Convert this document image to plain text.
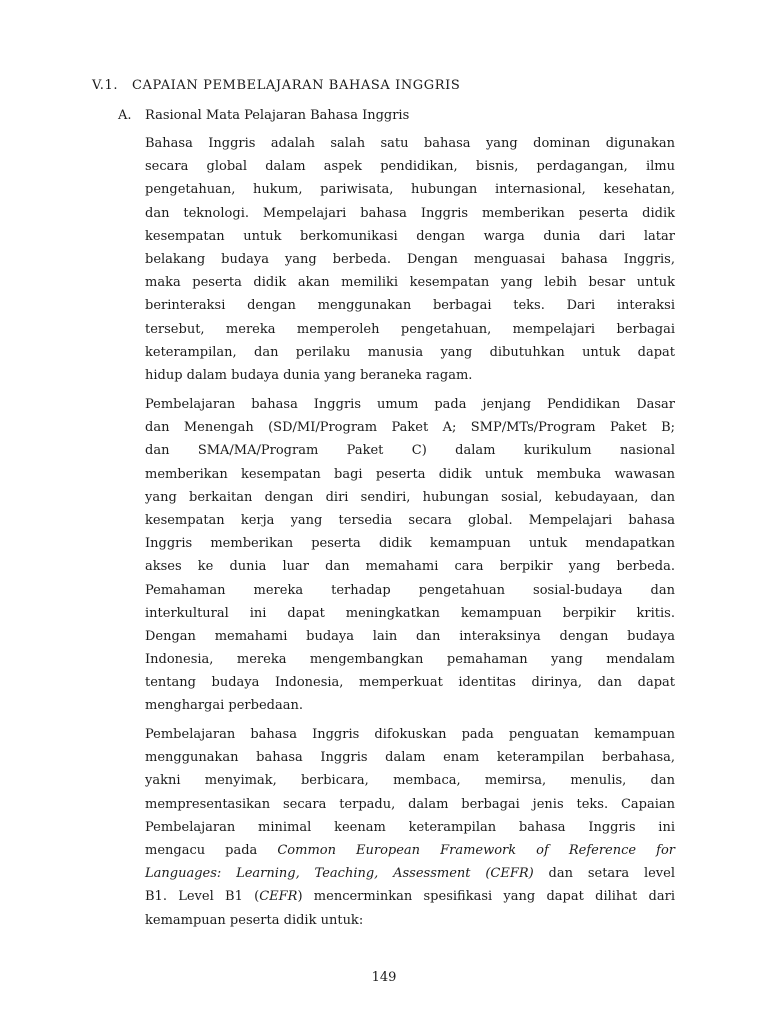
V.1. CAPAIAN PEMBELAJARAN BAHASA INGGRIS
A. Rasional Mata Pelajaran Bahasa Inggris
Bahasa Inggris adalah salah satu bahasa yang dominan digunakan
secara global dalam aspek pendidikan, bisnis, perdagangan, ilmu
pengetahuan, hukum, pariwisata, hubungan internasional, kesehatan,
dan teknologi. Mempelajari bahasa Inggris memberikan peserta didik
kesempatan untuk berkomunikasi dengan warga dunia dari latar
belakang budaya yang berbeda. Dengan menguasai bahasa Inggris,
maka peserta didik akan memiliki kesempatan yang lebih besar untuk
berinteraksi dengan menggunakan berbagai teks. Dari interaksi
tersebut, mereka memperoleh pengetahuan, mempelajari berbagai
keterampilan, dan perilaku manusia yang dibutuhkan untuk dapat
hidup dalam budaya dunia yang beraneka ragam.
Pembelajaran bahasa Inggris umum pada jenjang Pendidikan Dasar
dan Menengah (SD/MI/Program Paket A; SMP/MTs/Program Paket B;
dan SMA/MA/Program Paket C) dalam kurikulum nasional
memberikan kesempatan bagi peserta didik untuk membuka wawasan
yang berkaitan dengan diri sendiri, hubungan sosial, kebudayaan, dan
kesempatan kerja yang tersedia secara global. Mempelajari bahasa
Inggris memberikan peserta didik kemampuan untuk mendapatkan
akses ke dunia luar dan memahami cara berpikir yang berbeda.
Pemahaman mereka terhadap pengetahuan sosial-budaya dan
interkultural ini dapat meningkatkan kemampuan berpikir kritis.
Dengan memahami budaya lain dan interaksinya dengan budaya
Indonesia, mereka mengembangkan pemahaman yang mendalam
tentang budaya Indonesia, memperkuat identitas dirinya, dan dapat
menghargai perbedaan.
Pembelajaran bahasa Inggris difokuskan pada penguatan kemampuan
menggunakan bahasa Inggris dalam enam keterampilan berbahasa,
yakni menyimak, berbicara, membaca, memirsa, menulis, dan
mempresentasikan secara terpadu, dalam berbagai jenis teks. Capaian
Pembelajaran minimal keenam keterampilan bahasa Inggris ini
mengacu pada Common European Framework of Reference for
Languages: Learning, Teaching, Assessment (CEFR) dan setara level
B1. Level B1 (CEFR) mencerminkan spesifikasi yang dapat dilihat dari
kemampuan peserta didik untuk:
149
